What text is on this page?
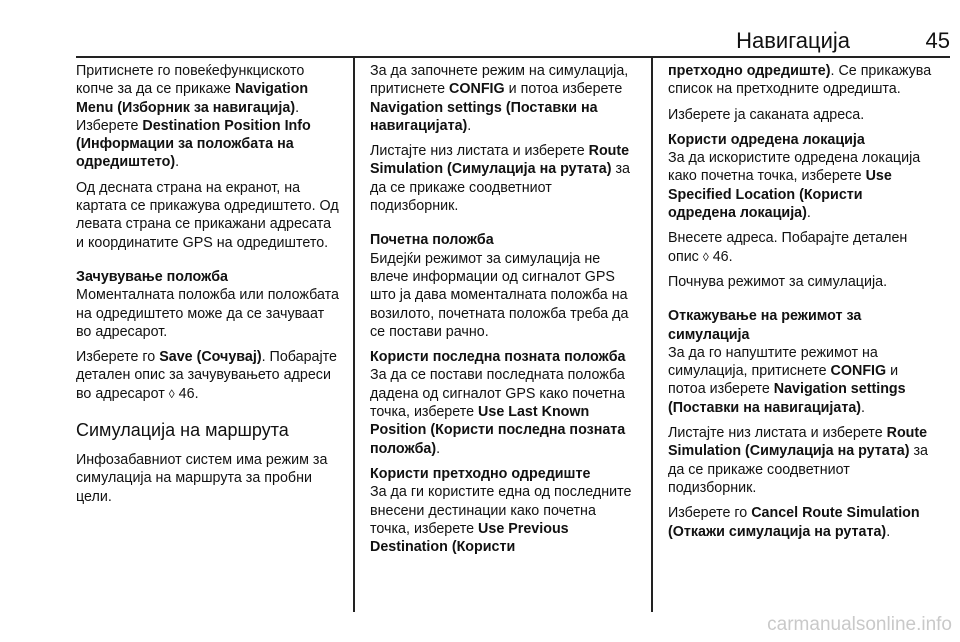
Навигација	45

Притиснете го повеќефункциското копче за да се прикаже Navigation Menu (Изборник за навигација). Изберете Destination Position Info (Информации за положбата на одредиштето).

Од десната страна на екранот, на картата се прикажува одредиштето. Од левата страна се прикажани адресата и координатите GPS на одредиштето.

Зачувување положба

Моменталната положба или положбата на одредиштето може да се зачуваат во адресарот.

Изберете го Save (Сочувај). Побарајте детален опис за зачувувањето адреси во адресарот ◊ 46.

Симулација на маршрута

Инфозабавниот систем има режим за симулација на маршрута за пробни цели.

За да започнете режим на симулација, притиснете CONFIG и потоа изберете Navigation settings (Поставки на навигацијата).

Листајте низ листата и изберете Route Simulation (Симулација на рутата) за да се прикаже соодветниот подизборник.

Почетна положба

Бидејќи режимот за симулација не влече информации од сигналот GPS што ја дава моменталната положба на возилото, почетната положба треба да се постави рачно.

Користи последна позната положба

За да се постави последната положба дадена од сигналот GPS како почетна точка, изберете Use Last Known Position (Користи последна позната положба).

Користи претходно одредиште

За да ги користите една од последните внесени дестинации како почетна точка, изберете Use Previous Destination (Користи

претходно одредиште). Се прикажува список на претходните одредишта.

Изберете ја саканата адреса.

Користи одредена локација

За да искористите одредена локација како почетна точка, изберете Use Specified Location (Користи одредена локација).

Внесете адреса. Побарајте детален опис ◊ 46.

Почнува режимот за симулација.

Откажување на режимот за симулација

За да го напуштите режимот на симулација, притиснете CONFIG и потоа изберете Navigation settings (Поставки на навигацијата).

Листајте низ листата и изберете Route Simulation (Симулација на рутата) за да се прикаже соодветниот подизборник.

Изберете го Cancel Route Simulation (Откажи симулација на рутата).

carmanualsonline.info
